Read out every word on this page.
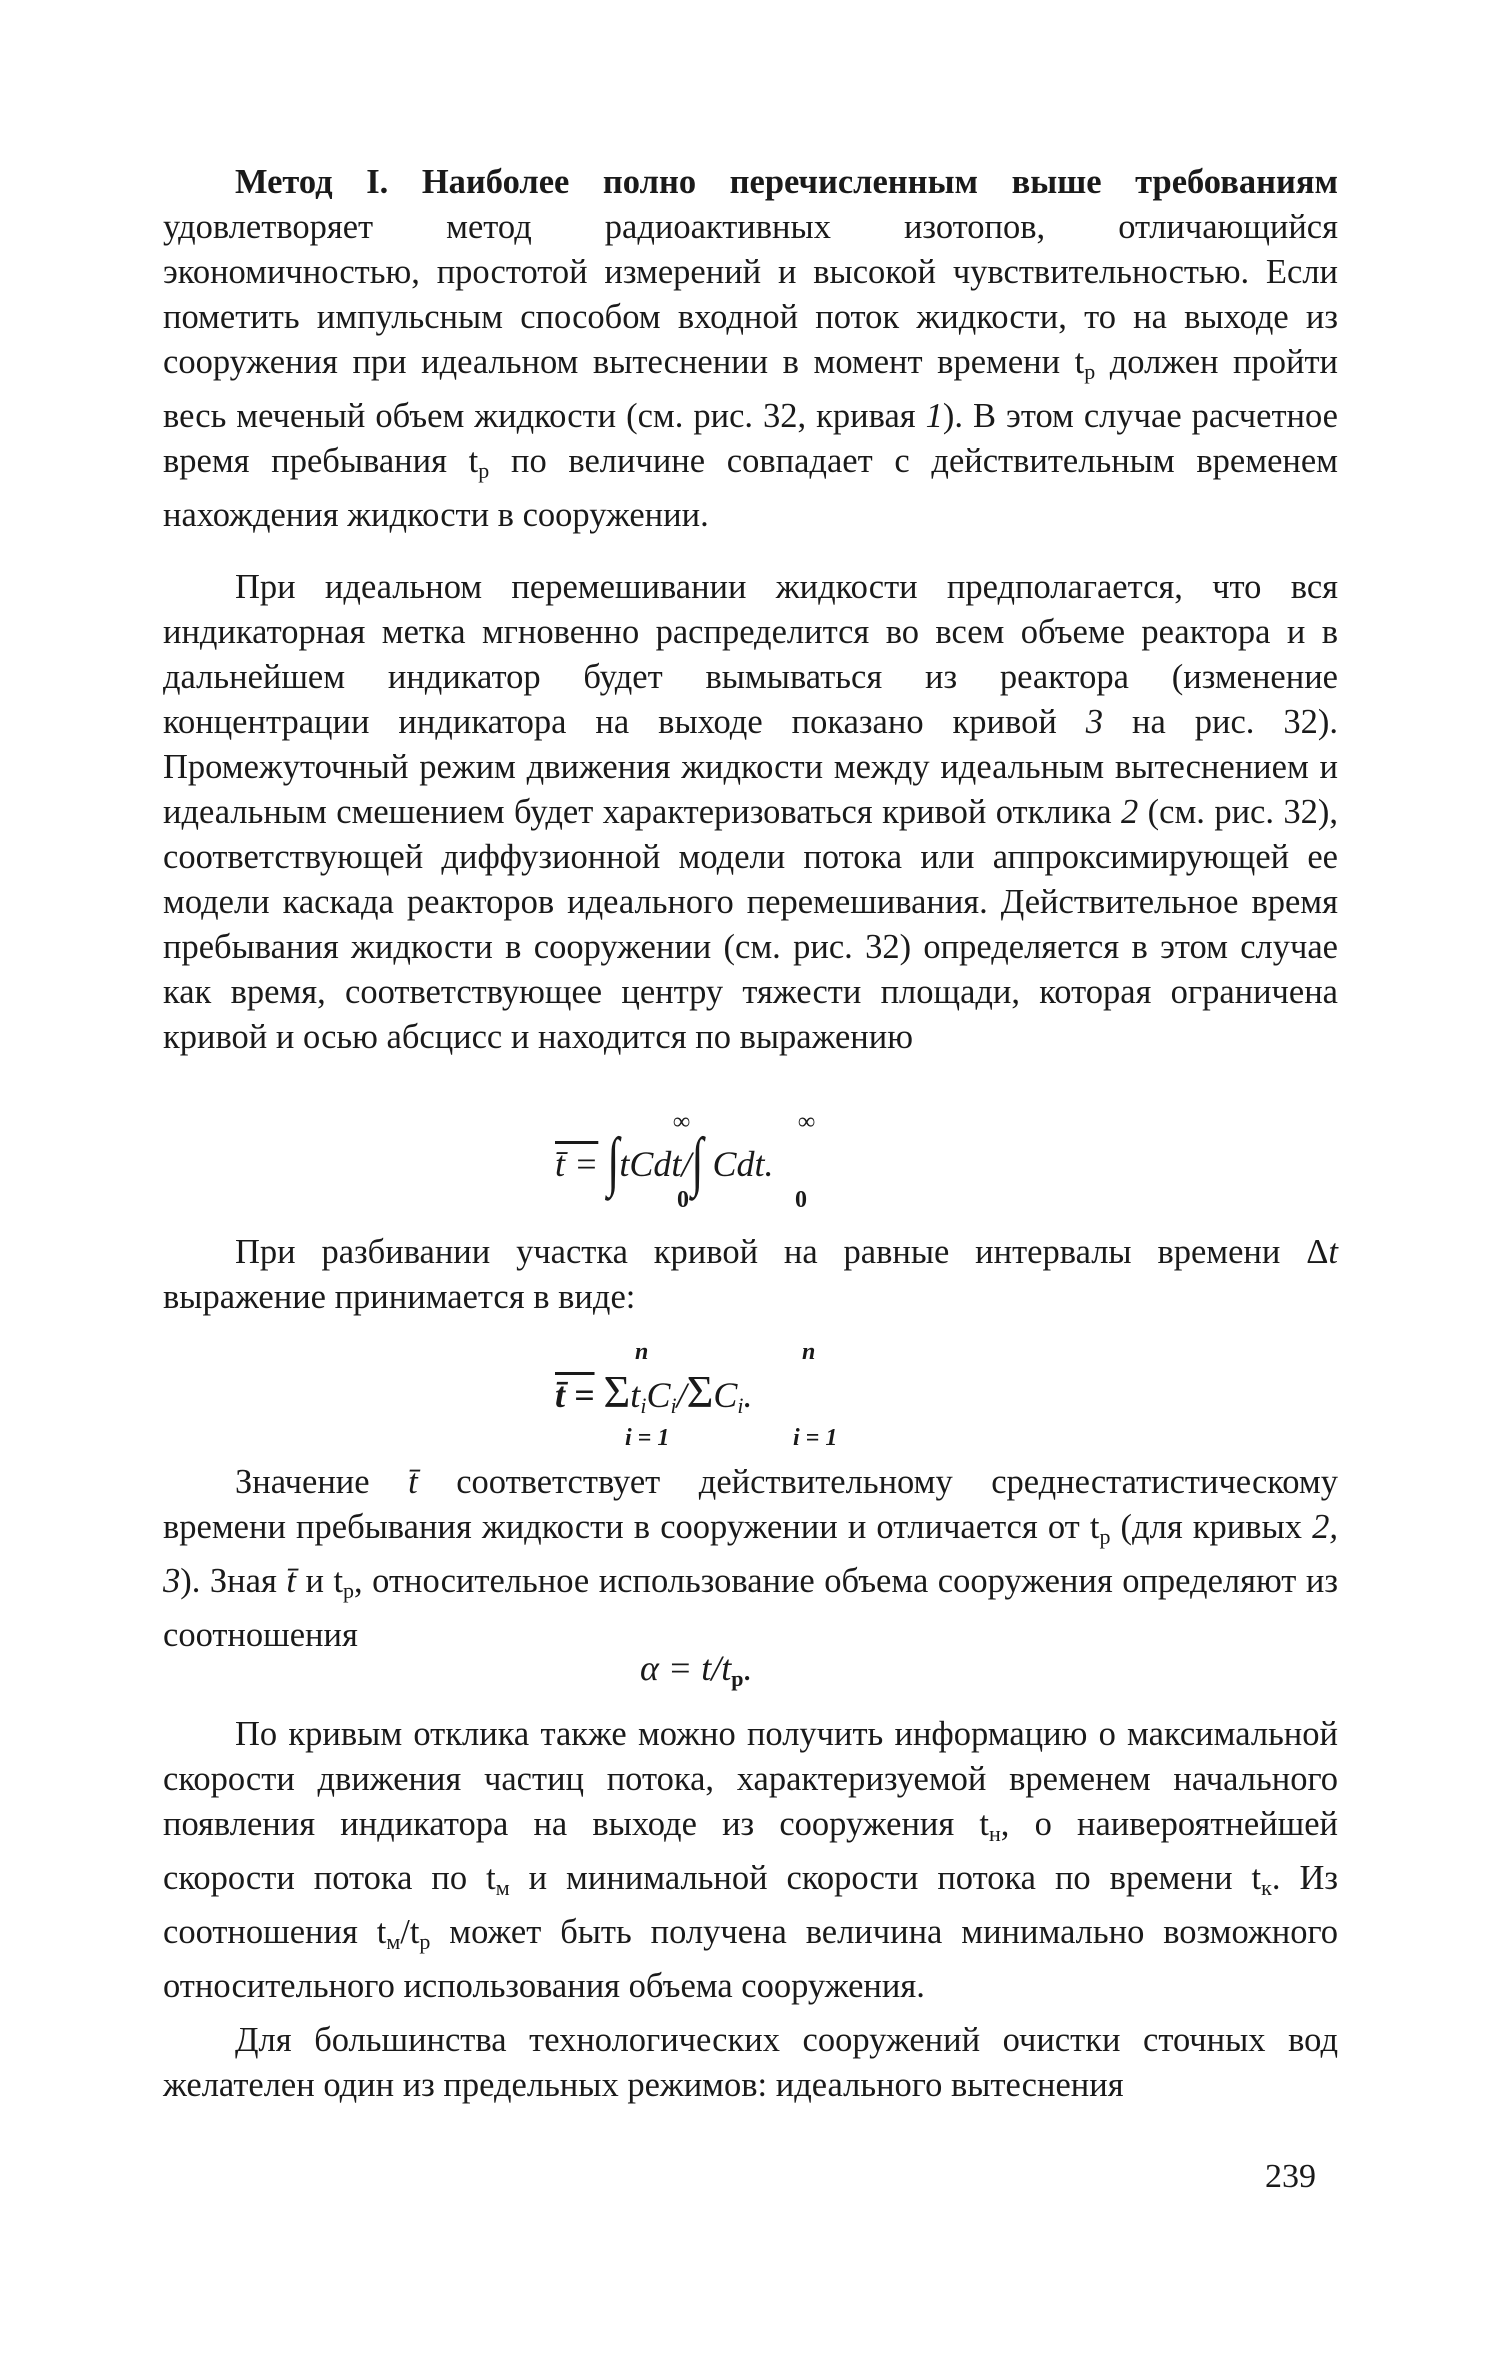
Метод I. Наиболее полно перечисленным выше требованиям удовлетворяет метод радиоактивных изотопов, отличающийся экономичностью, простотой измерений и высокой чувствительностью. Если пометить импульсным способом входной поток жидкости, то на выходе из сооружения при идеальном вытеснении в момент времени $t_р$ должен пройти весь меченый объем жидкости (см. рис. 32, кривая 1). В этом случае расчетное время пребывания $t_р$ по величине совпадает с действительным временем нахождения жидкости в сооружении.

При идеальном перемешивании жидкости предполагается, что вся индикаторная метка мгновенно распределится во всем объеме реактора и в дальнейшем индикатор будет вымываться из реактора (изменение концентрации индикатора на выходе показано кривой 3 на рис. 32). Промежуточный режим движения жидкости между идеальным вытеснением и идеальным смешением будет характеризоваться кривой отклика 2 (см. рис. 32), соответствующей диффузионной модели потока или аппроксимирующей ее модели каскада реакторов идеального перемешивания. Действительное время пребывания жидкости в сооружении (см. рис. 32) определяется в этом случае как время, соответствующее центру тяжести площади, которая ограничена кривой и осью абсцисс и находится по выражению

∞	∞
t̄ = ∫tCdt/∫ Cdt.
0	0

При разбивании участка кривой на равные интервалы времени Δt выражение принимается в виде:

n	n
t̄ = $\Sigma t_iC_i/\Sigma C_i$.
i = 1	i = 1

Значение t̄ соответствует действительному среднестатистическому времени пребывания жидкости в сооружении и отличается от $t_р$ (для кривых 2, 3). Зная t̄ и $t_р$, относительное использование объема сооружения определяют из соотношения

$\alpha = t/t_р$.

По кривым отклика также можно получить информацию о максимальной скорости движения частиц потока, характеризуемой временем начального появления индикатора на выходе из сооружения $t_н$, о наивероятнейшей скорости потока по $t_м$ и минимальной скорости потока по времени $t_к$. Из соотношения $t_м/t_р$ может быть получена величина минимально возможного относительного использования объема сооружения.

Для большинства технологических сооружений очистки сточных вод желателен один из предельных режимов: идеального вытеснения

239
